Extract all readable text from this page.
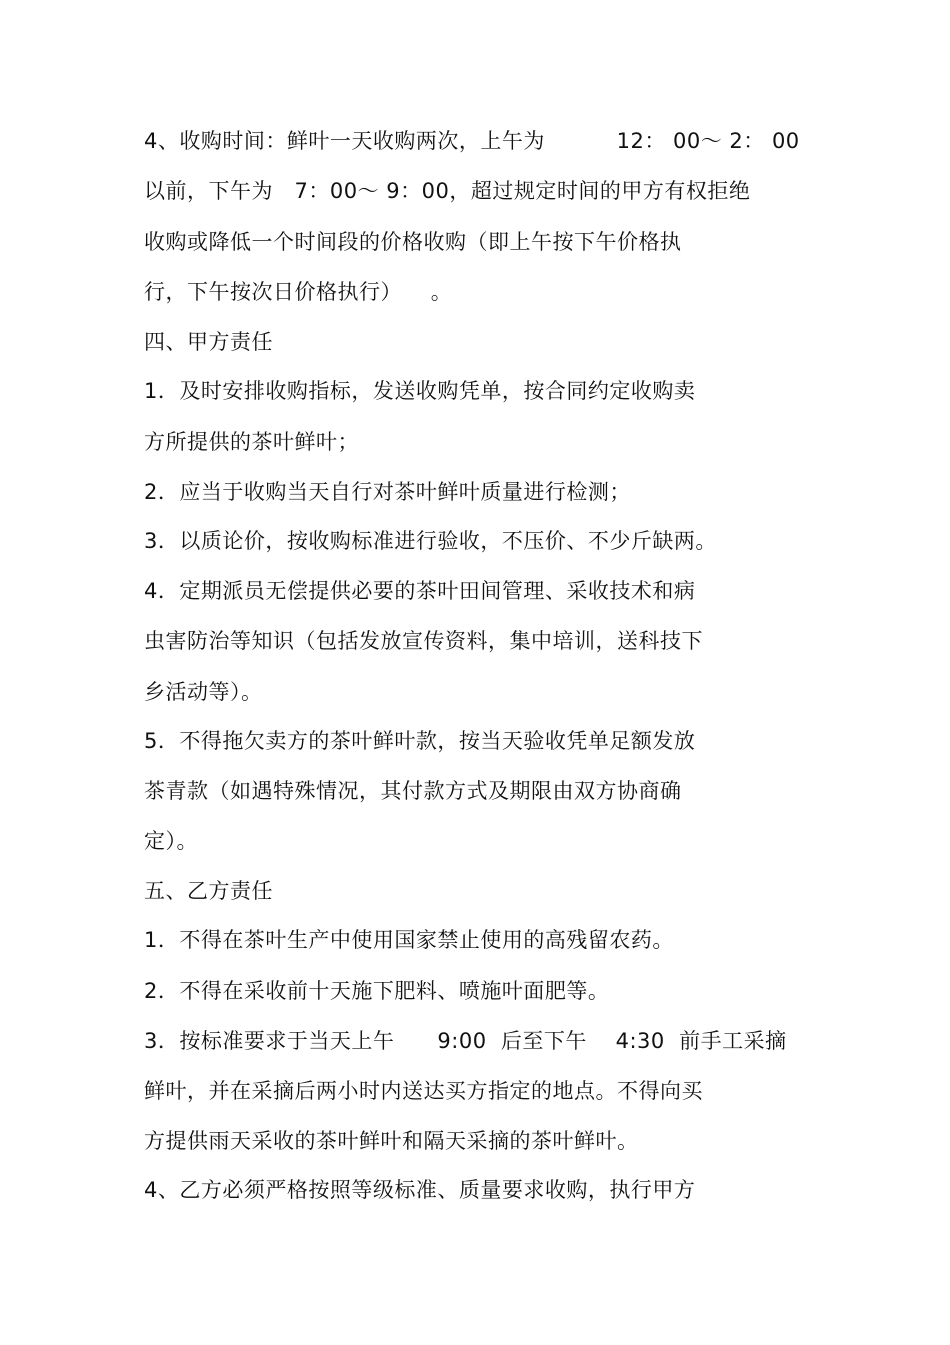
4、收购时间：鲜叶一天收购两次，上午为          12： 00～ 2： 00
以前，下午为   7：00～ 9：00，超过规定时间的甲方有权拒绝
收购或降低一个时间段的价格收购（即上午按下午价格执
行，下午按次日价格执行）    。
四、甲方责任
1．及时安排收购指标，发送收购凭单，按合同约定收购卖
方所提供的茶叶鲜叶；
2．应当于收购当天自行对茶叶鲜叶质量进行检测；
3．以质论价，按收购标准进行验收，不压价、不少斤缺两。
4．定期派员无偿提供必要的茶叶田间管理、采收技术和病
虫害防治等知识（包括发放宣传资料，集中培训，送科技下
乡活动等）。
5．不得拖欠卖方的茶叶鲜叶款，按当天验收凭单足额发放
茶青款（如遇特殊情况，其付款方式及期限由双方协商确
定）。
五、乙方责任
1．不得在茶叶生产中使用国家禁止使用的高残留农药。
2．不得在采收前十天施下肥料、喷施叶面肥等。
3．按标准要求于当天上午      9:00  后至下午    4:30  前手工采摘
鲜叶，并在采摘后两小时内送达买方指定的地点。不得向买
方提供雨天采收的茶叶鲜叶和隔天采摘的茶叶鲜叶。
4、乙方必须严格按照等级标准、质量要求收购，执行甲方
